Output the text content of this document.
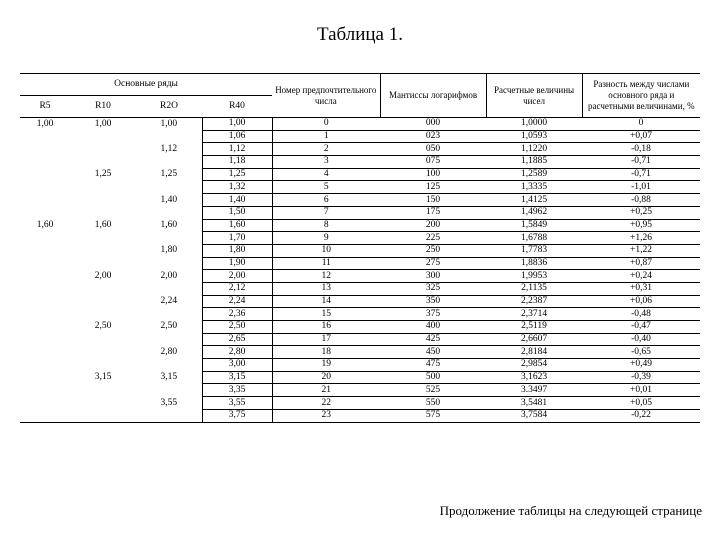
Таблица 1.
Основные ряды				Номер предпочтительного числа	Мантиссы логарифмов	Расчетные величины чисел	Разность между числами основного ряда и расчетными величинами, %
R5	R10	R2O	R40				
1,00	1,00	1,00	1,00	0	000	1,0000	0
			1,06	1	023	1,0593	+0,07
		1,12	1,12	2	050	1,1220	-0,18
			1,18	3	075	1,1885	-0,71
	1,25	1,25	1,25	4	100	1,2589	-0,71
			1,32	5	125	1,3335	-1,01
		1,40	1,40	6	150	1,4125	-0,88
			1,50	7	175	1,4962	+0,25
1,60	1,60	1,60	1,60	8	200	1,5849	+0,95
			1,70	9	225	1,6788	+1,26
		1,80	1,80	10	250	1,7783	+1,22
			1,90	11	275	1,8836	+0,87
	2,00	2,00	2,00	12	300	1,9953	+0,24
			2,12	13	325	2,1135	+0,31
		2,24	2,24	14	350	2,2387	+0,06
			2,36	15	375	2,3714	-0,48
	2,50	2,50	2,50	16	400	2,5119	-0,47
			2,65	17	425	2,6607	-0,40
		2,80	2,80	18	450	2,8184	-0,65
			3,00	19	475	2,9854	+0,49
	3,15	3,15	3,15	20	500	3,1623	-0,39
			3,35	21	525	3.3497	+0,01
		3,55	3,55	22	550	3,5481	+0,05
			3,75	23	575	3,7584	-0,22
Продолжение таблицы на следующей странице
